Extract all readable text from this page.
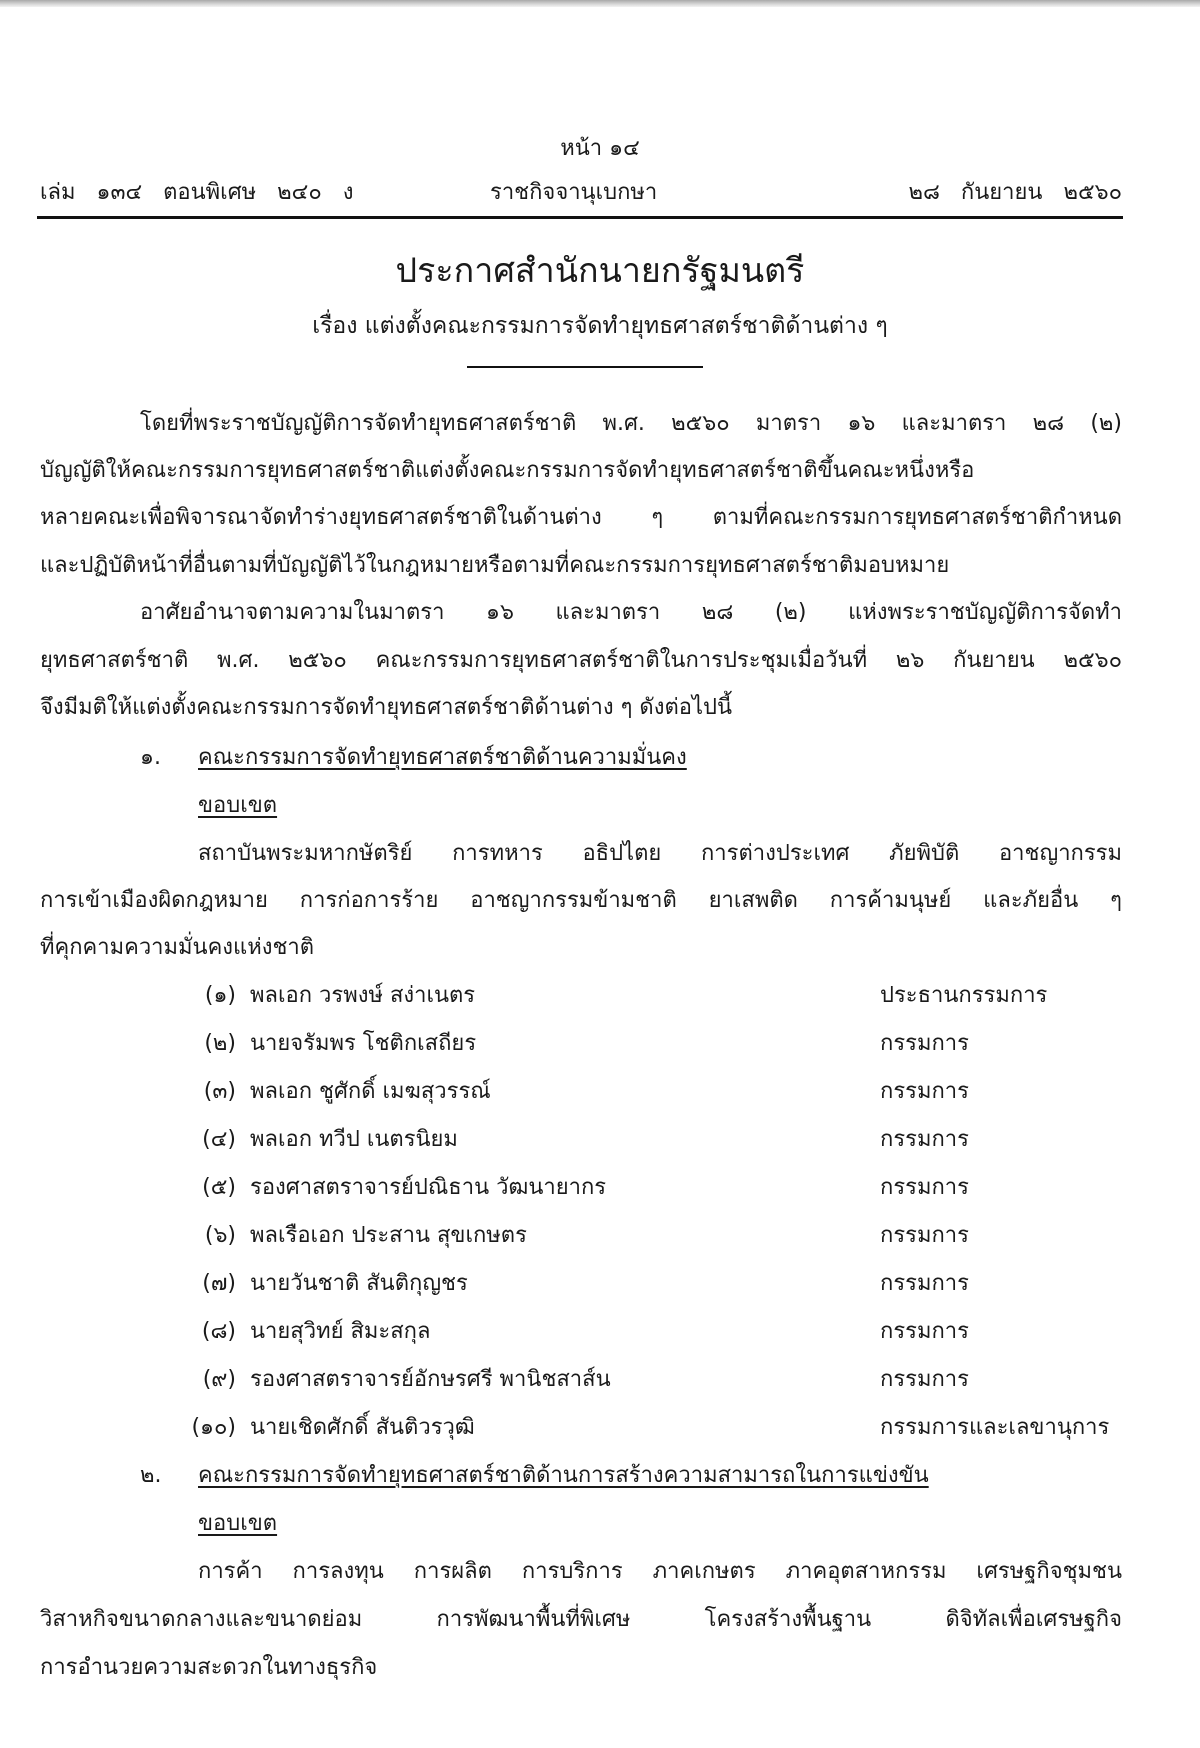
หน้า ๑๔
เล่ม ๑๓๔ ตอนพิเศษ ๒๔๐ ง	ราชกิจจานุเบกษา	๒๘ กันยายน ๒๕๖๐
ประกาศสำนักนายกรัฐมนตรี
เรื่อง แต่งตั้งคณะกรรมการจัดทำยุทธศาสตร์ชาติด้านต่าง ๆ
โดยที่พระราชบัญญัติการจัดทำยุทธศาสตร์ชาติ พ.ศ. ๒๕๖๐ มาตรา ๑๖ และมาตรา ๒๘ (๒)
บัญญัติให้คณะกรรมการยุทธศาสตร์ชาติแต่งตั้งคณะกรรมการจัดทำยุทธศาสตร์ชาติขึ้นคณะหนึ่งหรือ
หลายคณะเพื่อพิจารณาจัดทำร่างยุทธศาสตร์ชาติในด้านต่าง ๆ ตามที่คณะกรรมการยุทธศาสตร์ชาติกำหนด
และปฏิบัติหน้าที่อื่นตามที่บัญญัติไว้ในกฎหมายหรือตามที่คณะกรรมการยุทธศาสตร์ชาติมอบหมาย
อาศัยอำนาจตามความในมาตรา ๑๖ และมาตรา ๒๘ (๒) แห่งพระราชบัญญัติการจัดทำ
ยุทธศาสตร์ชาติ พ.ศ. ๒๕๖๐ คณะกรรมการยุทธศาสตร์ชาติในการประชุมเมื่อวันที่ ๒๖ กันยายน ๒๕๖๐
จึงมีมติให้แต่งตั้งคณะกรรมการจัดทำยุทธศาสตร์ชาติด้านต่าง ๆ ดังต่อไปนี้
๑. คณะกรรมการจัดทำยุทธศาสตร์ชาติด้านความมั่นคง
ขอบเขต
สถาบันพระมหากษัตริย์ การทหาร อธิปไตย การต่างประเทศ ภัยพิบัติ อาชญากรรม
การเข้าเมืองผิดกฎหมาย การก่อการร้าย อาชญากรรมข้ามชาติ ยาเสพติด การค้ามนุษย์ และภัยอื่น ๆ
ที่คุกคามความมั่นคงแห่งชาติ
(๑) พลเอก วรพงษ์ สง่าเนตร	ประธานกรรมการ
(๒) นายจรัมพร โชติกเสถียร	กรรมการ
(๓) พลเอก ชูศักดิ์ เมฆสุวรรณ์	กรรมการ
(๔) พลเอก ทวีป เนตรนิยม	กรรมการ
(๕) รองศาสตราจารย์ปณิธาน วัฒนายากร	กรรมการ
(๖) พลเรือเอก ประสาน สุขเกษตร	กรรมการ
(๗) นายวันชาติ สันติกุญชร	กรรมการ
(๘) นายสุวิทย์ สิมะสกุล	กรรมการ
(๙) รองศาสตราจารย์อักษรศรี พานิชสาส์น	กรรมการ
(๑๐) นายเชิดศักดิ์ สันติวรวุฒิ	กรรมการและเลขานุการ
๒. คณะกรรมการจัดทำยุทธศาสตร์ชาติด้านการสร้างความสามารถในการแข่งขัน
ขอบเขต
การค้า การลงทุน การผลิต การบริการ ภาคเกษตร ภาคอุตสาหกรรม เศรษฐกิจชุมชน
วิสาหกิจขนาดกลางและขนาดย่อม การพัฒนาพื้นที่พิเศษ โครงสร้างพื้นฐาน ดิจิทัลเพื่อเศรษฐกิจ
การอำนวยความสะดวกในทางธุรกิจ
